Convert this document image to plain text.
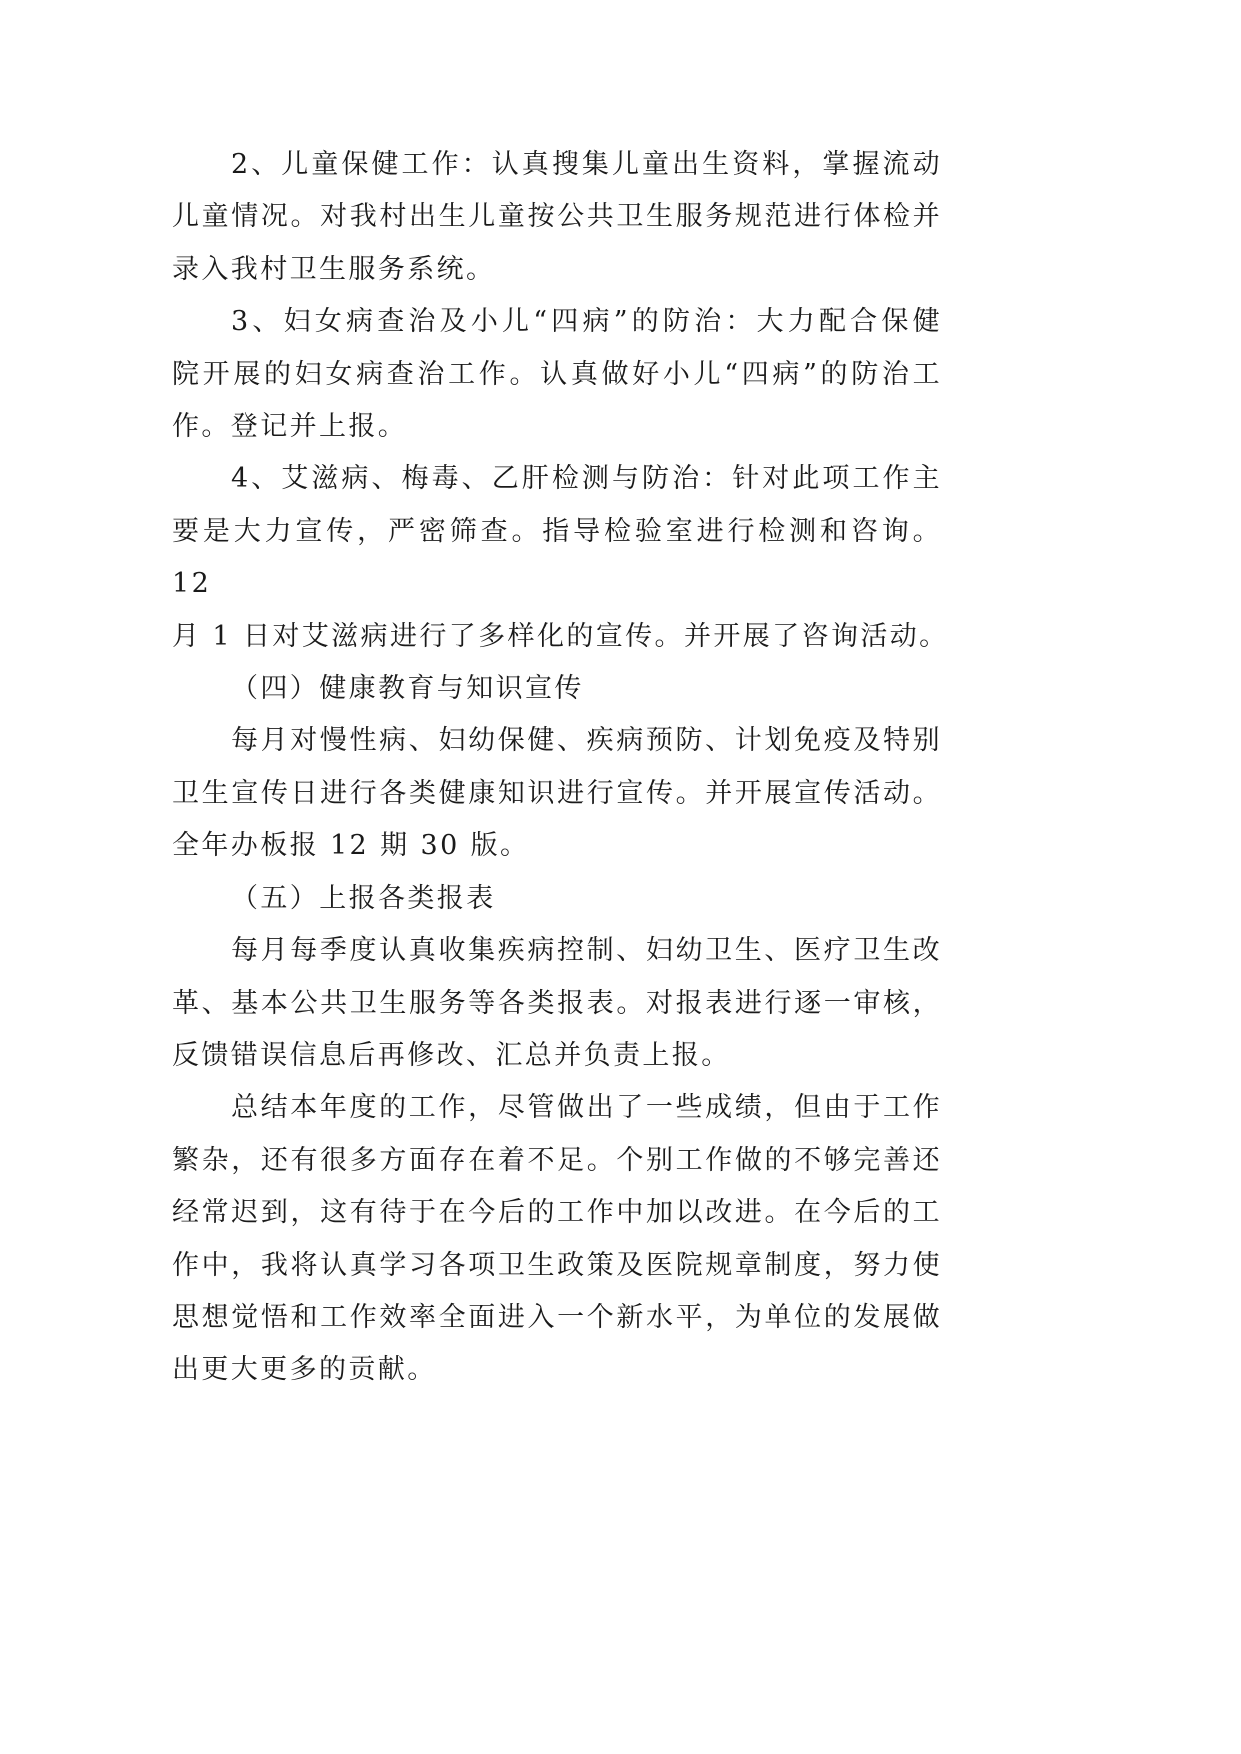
2、儿童保健工作：认真搜集儿童出生资料，掌握流动
儿童情况。对我村出生儿童按公共卫生服务规范进行体检并
录入我村卫生服务系统。
3、妇女病查治及小儿“四病”的防治：大力配合保健
院开展的妇女病查治工作。认真做好小儿“四病”的防治工
作。登记并上报。
4、艾滋病、梅毒、乙肝检测与防治：针对此项工作主
要是大力宣传，严密筛查。指导检验室进行检测和咨询。12
月 1 日对艾滋病进行了多样化的宣传。并开展了咨询活动。
（四）健康教育与知识宣传
每月对慢性病、妇幼保健、疾病预防、计划免疫及特别
卫生宣传日进行各类健康知识进行宣传。并开展宣传活动。
全年办板报 12 期 30 版。
（五）上报各类报表
每月每季度认真收集疾病控制、妇幼卫生、医疗卫生改
革、基本公共卫生服务等各类报表。对报表进行逐一审核，
反馈错误信息后再修改、汇总并负责上报。
总结本年度的工作，尽管做出了一些成绩，但由于工作
繁杂，还有很多方面存在着不足。个别工作做的不够完善还
经常迟到，这有待于在今后的工作中加以改进。在今后的工
作中，我将认真学习各项卫生政策及医院规章制度，努力使
思想觉悟和工作效率全面进入一个新水平，为单位的发展做
出更大更多的贡献。
